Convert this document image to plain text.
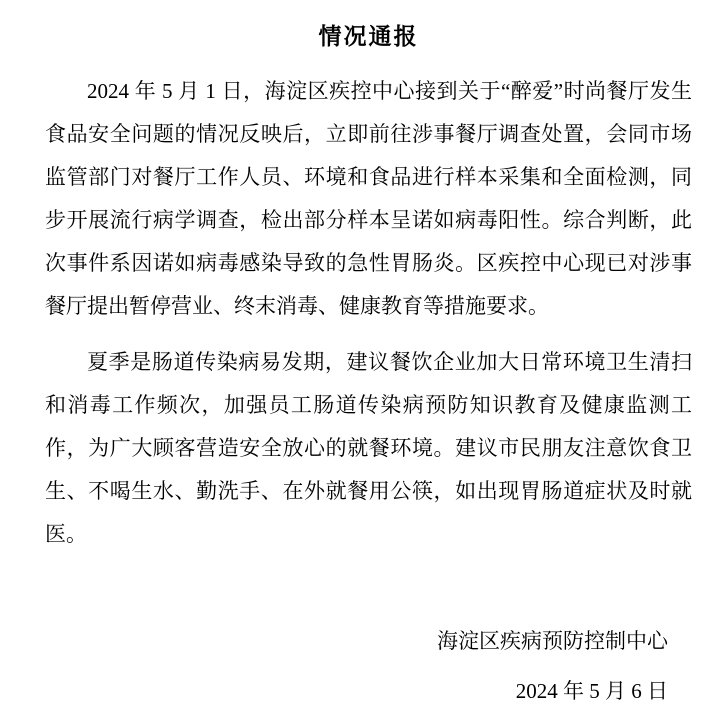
情况通报

2024 年 5 月 1 日，海淀区疾控中心接到关于“醉爱”时尚餐厅发生食品安全问题的情况反映后，立即前往涉事餐厅调查处置，会同市场监管部门对餐厅工作人员、环境和食品进行样本采集和全面检测，同步开展流行病学调查，检出部分样本呈诺如病毒阳性。综合判断，此次事件系因诺如病毒感染导致的急性胃肠炎。区疾控中心现已对涉事餐厅提出暂停营业、终末消毒、健康教育等措施要求。

夏季是肠道传染病易发期，建议餐饮企业加大日常环境卫生清扫和消毒工作频次，加强员工肠道传染病预防知识教育及健康监测工作，为广大顾客营造安全放心的就餐环境。建议市民朋友注意饮食卫生、不喝生水、勤洗手、在外就餐用公筷，如出现胃肠道症状及时就医。

海淀区疾病预防控制中心
2024 年 5 月 6 日
